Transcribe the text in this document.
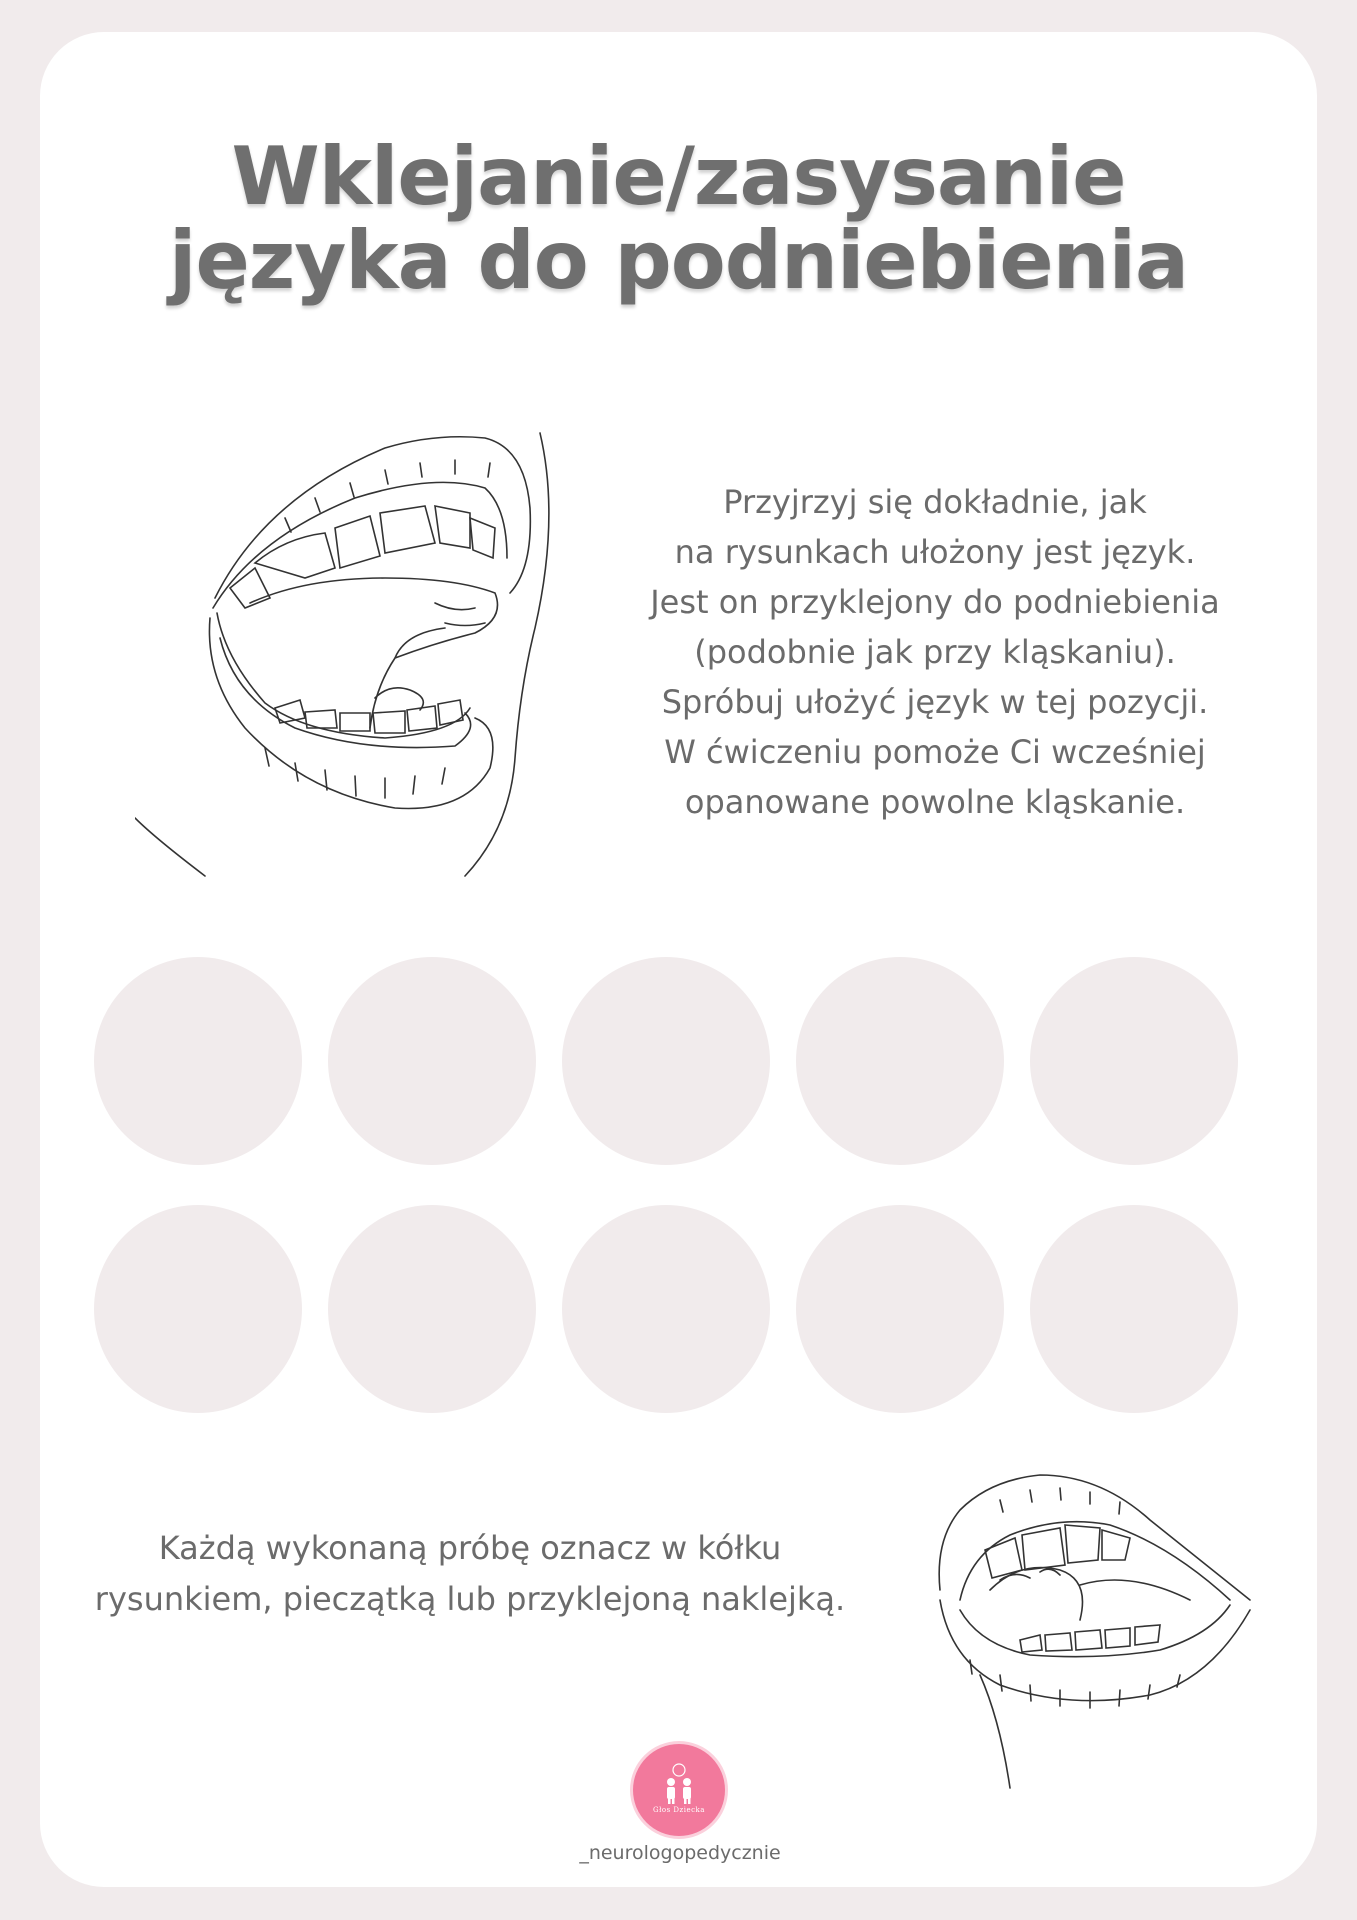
Wklejanie/zasysanie
języka do podniebienia
Przyjrzyj się dokładnie, jak
na rysunkach ułożony jest język.
Jest on przyklejony do podniebienia
(podobnie jak przy kląskaniu).
Spróbuj ułożyć język w tej pozycji.
W ćwiczeniu pomoże Ci wcześniej
opanowane powolne kląskanie.
Każdą wykonaną próbę oznacz w kółku
rysunkiem, pieczątką lub przyklejoną naklejką.
Głos Dziecka
_neurologopedycznie
